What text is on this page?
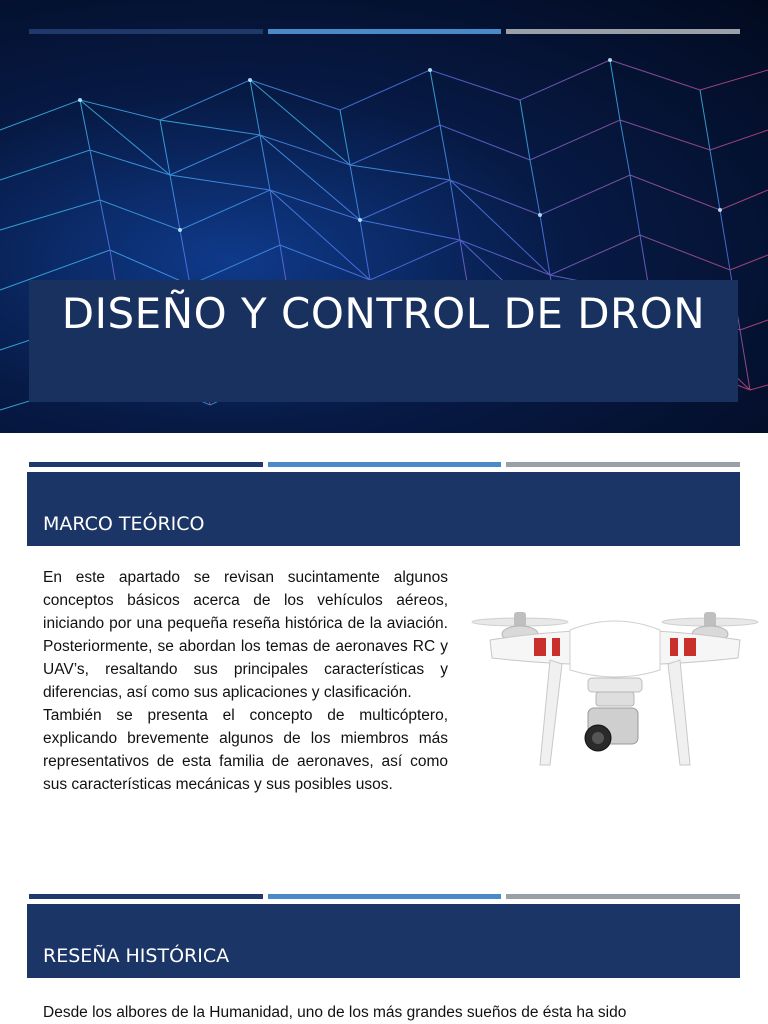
DISEÑO Y CONTROL DE DRON
MARCO TEÓRICO

En este apartado se revisan sucintamente algunos conceptos básicos acerca de los vehículos aéreos, iniciando por una pequeña reseña histórica de la aviación. Posteriormente, se abordan los temas de aeronaves RC y UAV’s, resaltando sus principales características y diferencias, así como sus aplicaciones y clasificación.

También se presenta el concepto de multicóptero, explicando brevemente algunos de los miembros más representativos de esta familia de aeronaves, así como sus características mecánicas y sus posibles usos.

RESEÑA HISTÓRICA

Desde los albores de la Humanidad, uno de los más grandes sueños de ésta ha sido
